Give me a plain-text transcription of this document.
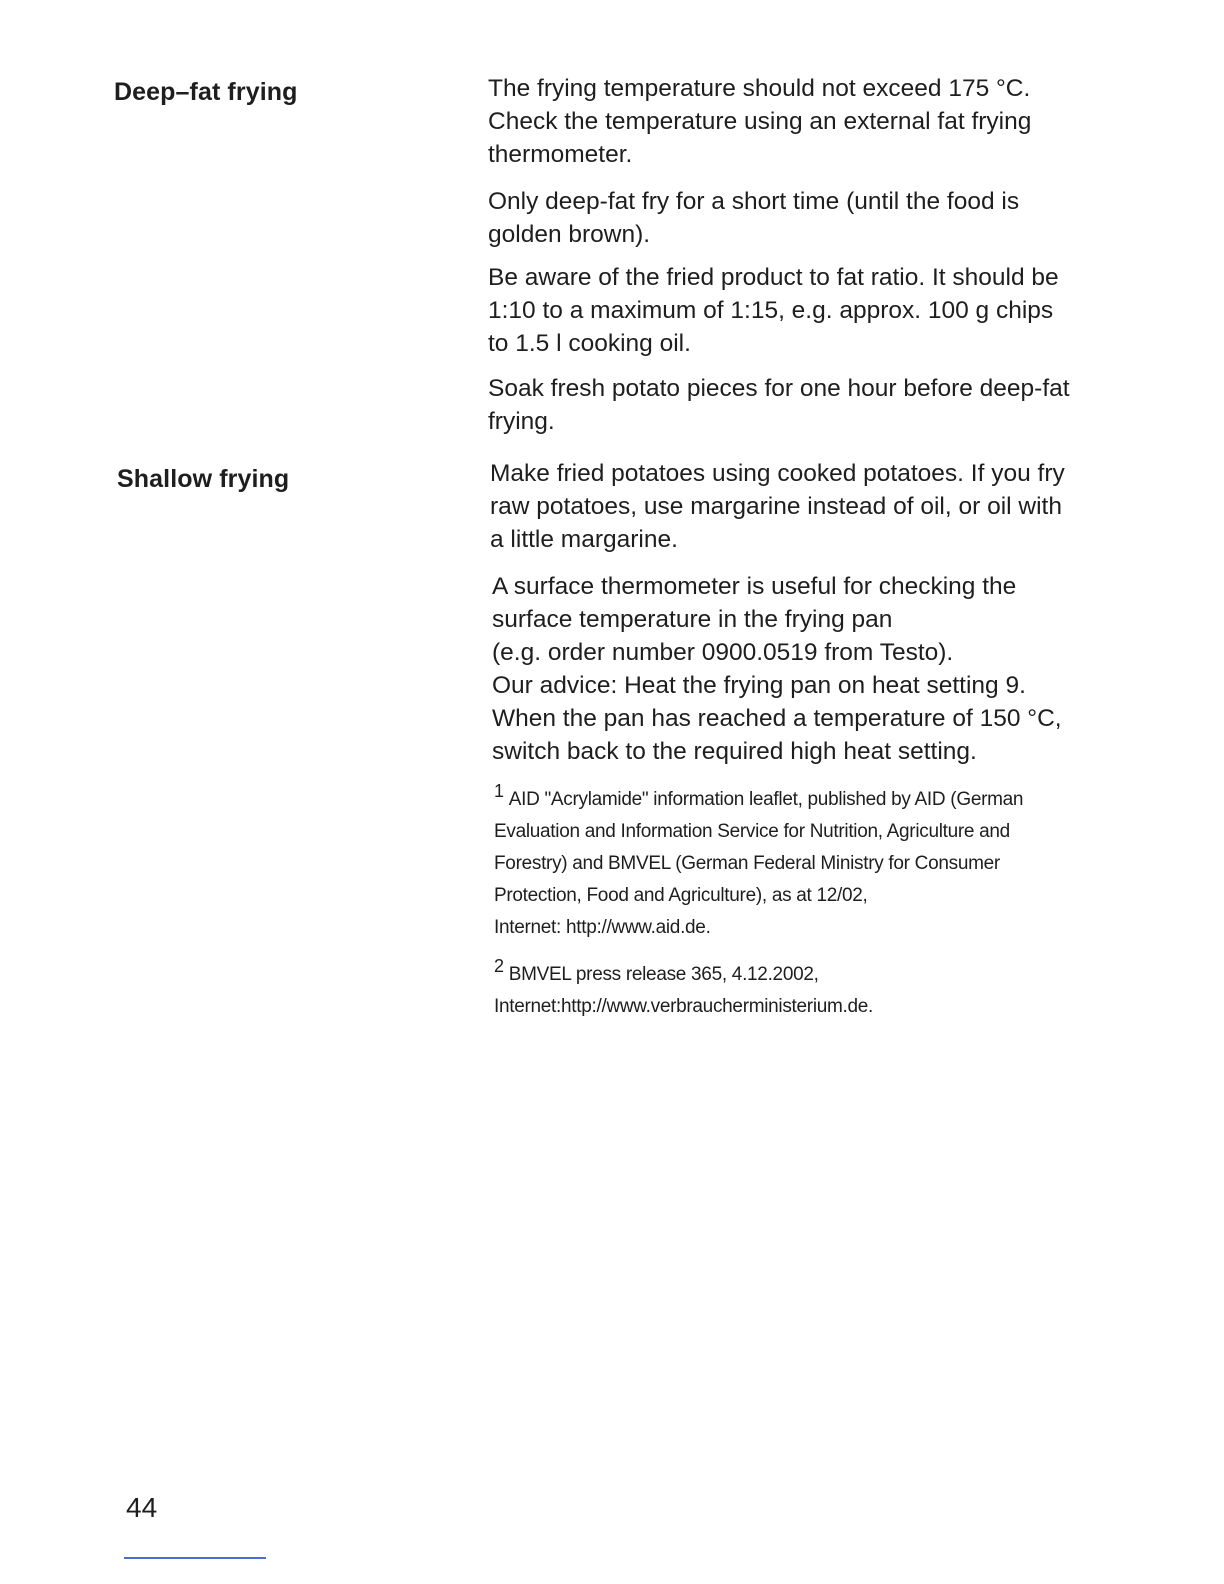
Deep–fat frying	The frying temperature should not exceed 175 °C.
Check the temperature using an external fat frying
thermometer.

Only deep-fat fry for a short time (until the food is
golden brown).

Be aware of the fried product to fat ratio. It should be
1:10 to a maximum of 1:15, e.g. approx. 100 g chips
to 1.5 l cooking oil.

Soak fresh potato pieces for one hour before deep-fat
frying.

Shallow frying	Make fried potatoes using cooked potatoes. If you fry
raw potatoes, use margarine instead of oil, or oil with
a little margarine.

A surface thermometer is useful for checking the
surface temperature in the frying pan
(e.g. order number 0900.0519 from Testo).
Our advice: Heat the frying pan on heat setting 9.
When the pan has reached a temperature of 150 °C,
switch back to the required high heat setting.

$^1$ AID "Acrylamide" information leaflet, published by AID (German
Evaluation and Information Service for Nutrition, Agriculture and
Forestry) and BMVEL (German Federal Ministry for Consumer
Protection, Food and Agriculture), as at 12/02,
Internet: http://www.aid.de.

$^2$ BMVEL press release 365, 4.12.2002,
Internet:http://www.verbraucherministerium.de.

44
